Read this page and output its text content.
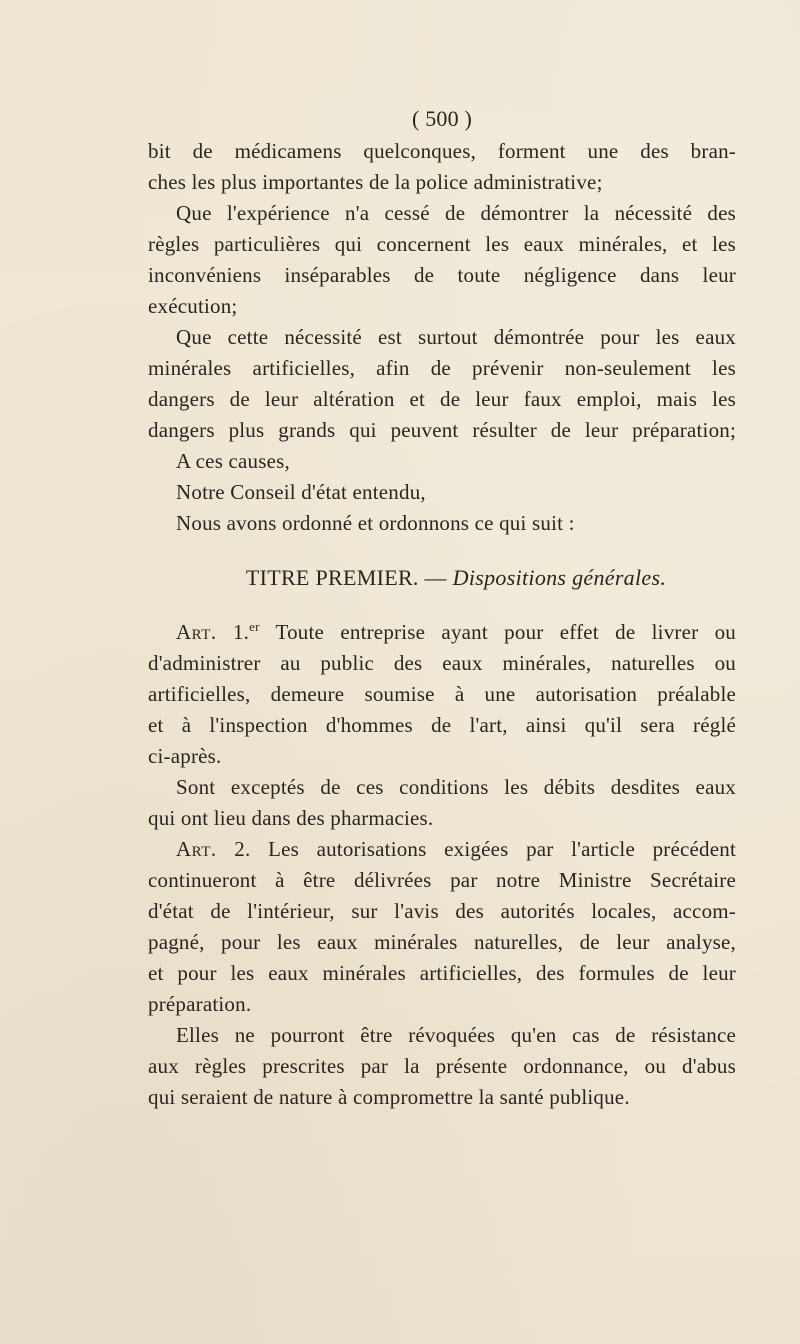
( 500 )
bit de médicamens quelconques, forment une des bran-
ches les plus importantes de la police administrative;
Que l'expérience n'a cessé de démontrer la nécessité des
règles particulières qui concernent les eaux minérales, et les
inconvéniens inséparables de toute négligence dans leur
exécution;
Que cette nécessité est surtout démontrée pour les eaux
minérales artificielles, afin de prévenir non-seulement les
dangers de leur altération et de leur faux emploi, mais les
dangers plus grands qui peuvent résulter de leur préparation;
A ces causes,
Notre Conseil d'état entendu,
Nous avons ordonné et ordonnons ce qui suit :
TITRE PREMIER. — Dispositions générales.
Art. 1.$^{er}$ Toute entreprise ayant pour effet de livrer ou
d'administrer au public des eaux minérales, naturelles ou
artificielles, demeure soumise à une autorisation préalable
et à l'inspection d'hommes de l'art, ainsi qu'il sera réglé
ci-après.
Sont exceptés de ces conditions les débits desdites eaux
qui ont lieu dans des pharmacies.
Art. 2. Les autorisations exigées par l'article précédent
continueront à être délivrées par notre Ministre Secrétaire
d'état de l'intérieur, sur l'avis des autorités locales, accom-
pagné, pour les eaux minérales naturelles, de leur analyse,
et pour les eaux minérales artificielles, des formules de leur
préparation.
Elles ne pourront être révoquées qu'en cas de résistance
aux règles prescrites par la présente ordonnance, ou d'abus
qui seraient de nature à compromettre la santé publique.
